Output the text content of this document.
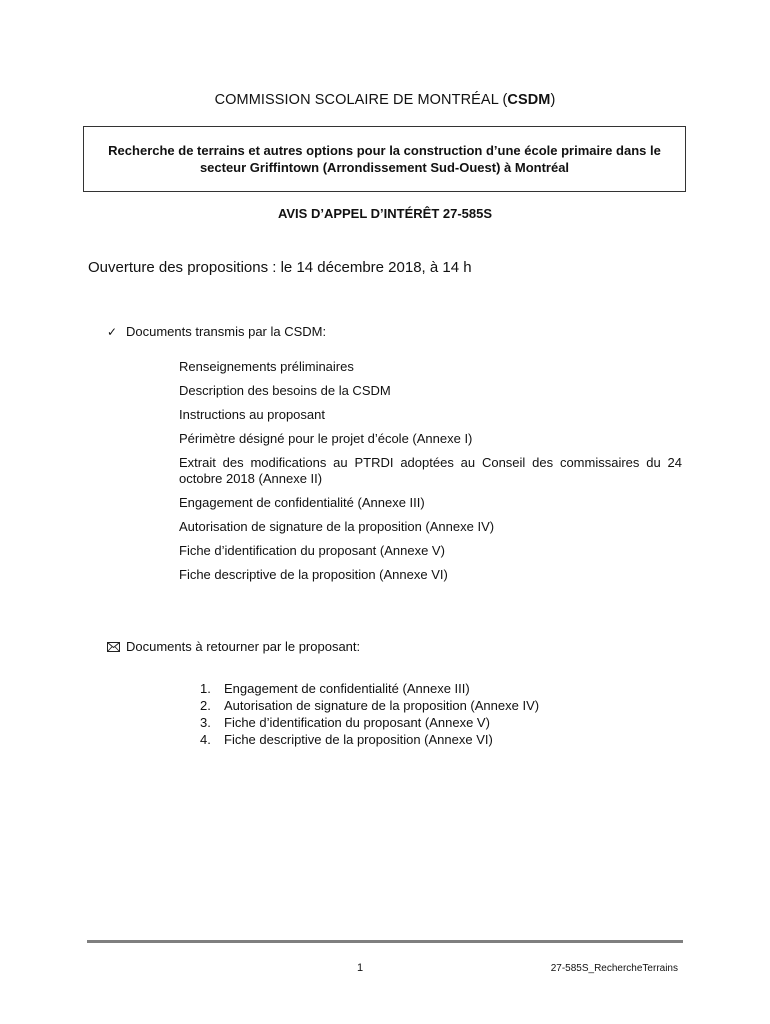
COMMISSION SCOLAIRE DE MONTRÉAL (CSDM)
Recherche de terrains et autres options pour la construction d’une école primaire dans le secteur Griffintown (Arrondissement Sud-Ouest) à Montréal
AVIS D’APPEL D’INTÉRÊT 27-585S
Ouverture des propositions : le 14 décembre 2018, à 14 h
✓ Documents transmis par la CSDM:
Renseignements préliminaires
Description des besoins de la CSDM
Instructions au proposant
Périmètre désigné pour le projet d’école (Annexe I)
Extrait des modifications au PTRDI adoptées au Conseil des commissaires du 24 octobre 2018 (Annexe II)
Engagement de confidentialité (Annexe III)
Autorisation de signature de la proposition (Annexe IV)
Fiche d’identification du proposant (Annexe V)
Fiche descriptive de la proposition (Annexe VI)
Documents à retourner par le proposant:
1.	Engagement de confidentialité (Annexe III)
2.	Autorisation de signature de la proposition (Annexe IV)
3.	Fiche d’identification du proposant (Annexe V)
4.	Fiche descriptive de la proposition (Annexe VI)
1	27-585S_RechercheTerrains
